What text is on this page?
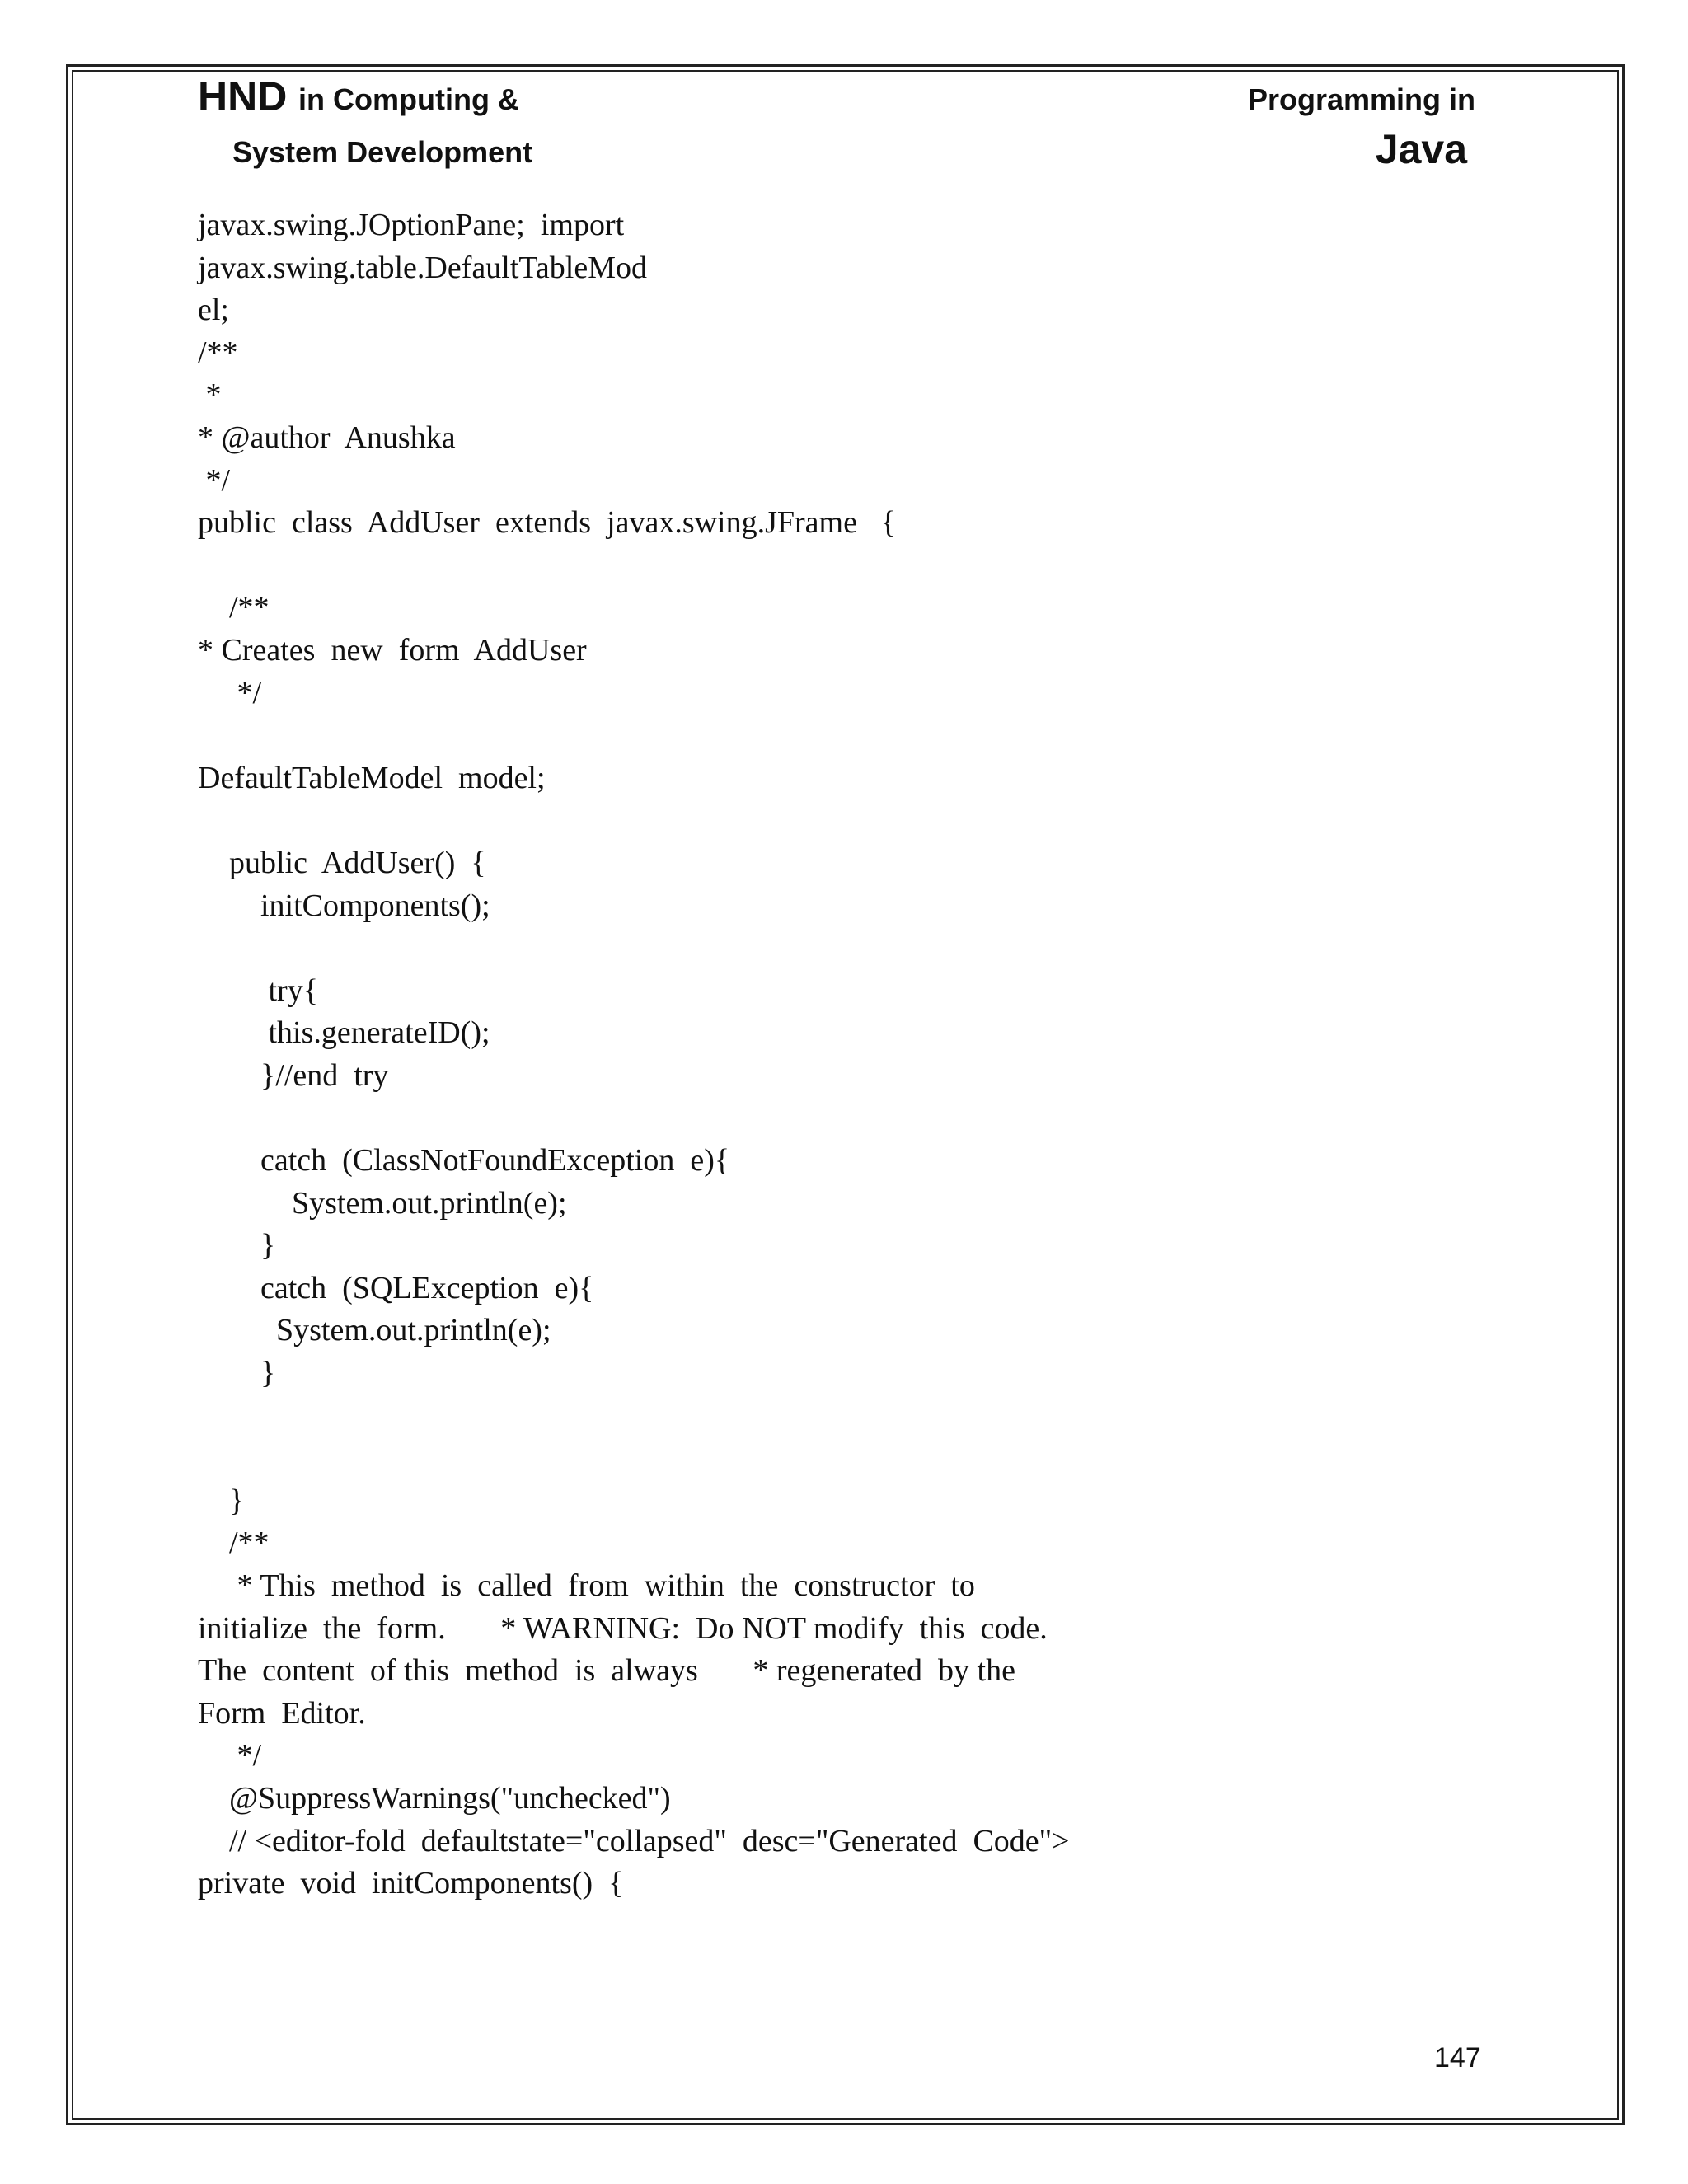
HND in Computing &
System Development
Programming in
Java
javax.swing.JOptionPane;  import
javax.swing.table.DefaultTableMod
el;
/**
*
* @author  Anushka
*/
public  class  AddUser  extends  javax.swing.JFrame   {
/**
* Creates  new  form  AddUser
*/
DefaultTableModel  model;
public  AddUser()  {
initComponents();
try{
this.generateID();
}//end  try
catch  (ClassNotFoundException  e){
System.out.println(e);
}
catch  (SQLException  e){
System.out.println(e);
}
}
/**
* This  method  is  called  from  within  the  constructor  to
initialize  the  form.       * WARNING:  Do NOT modify  this  code.
The  content  of this  method  is  always       * regenerated  by the
Form  Editor.
*/
@SuppressWarnings("unchecked")
// <editor-fold  defaultstate="collapsed"  desc="Generated  Code">
private  void  initComponents()  {
147
